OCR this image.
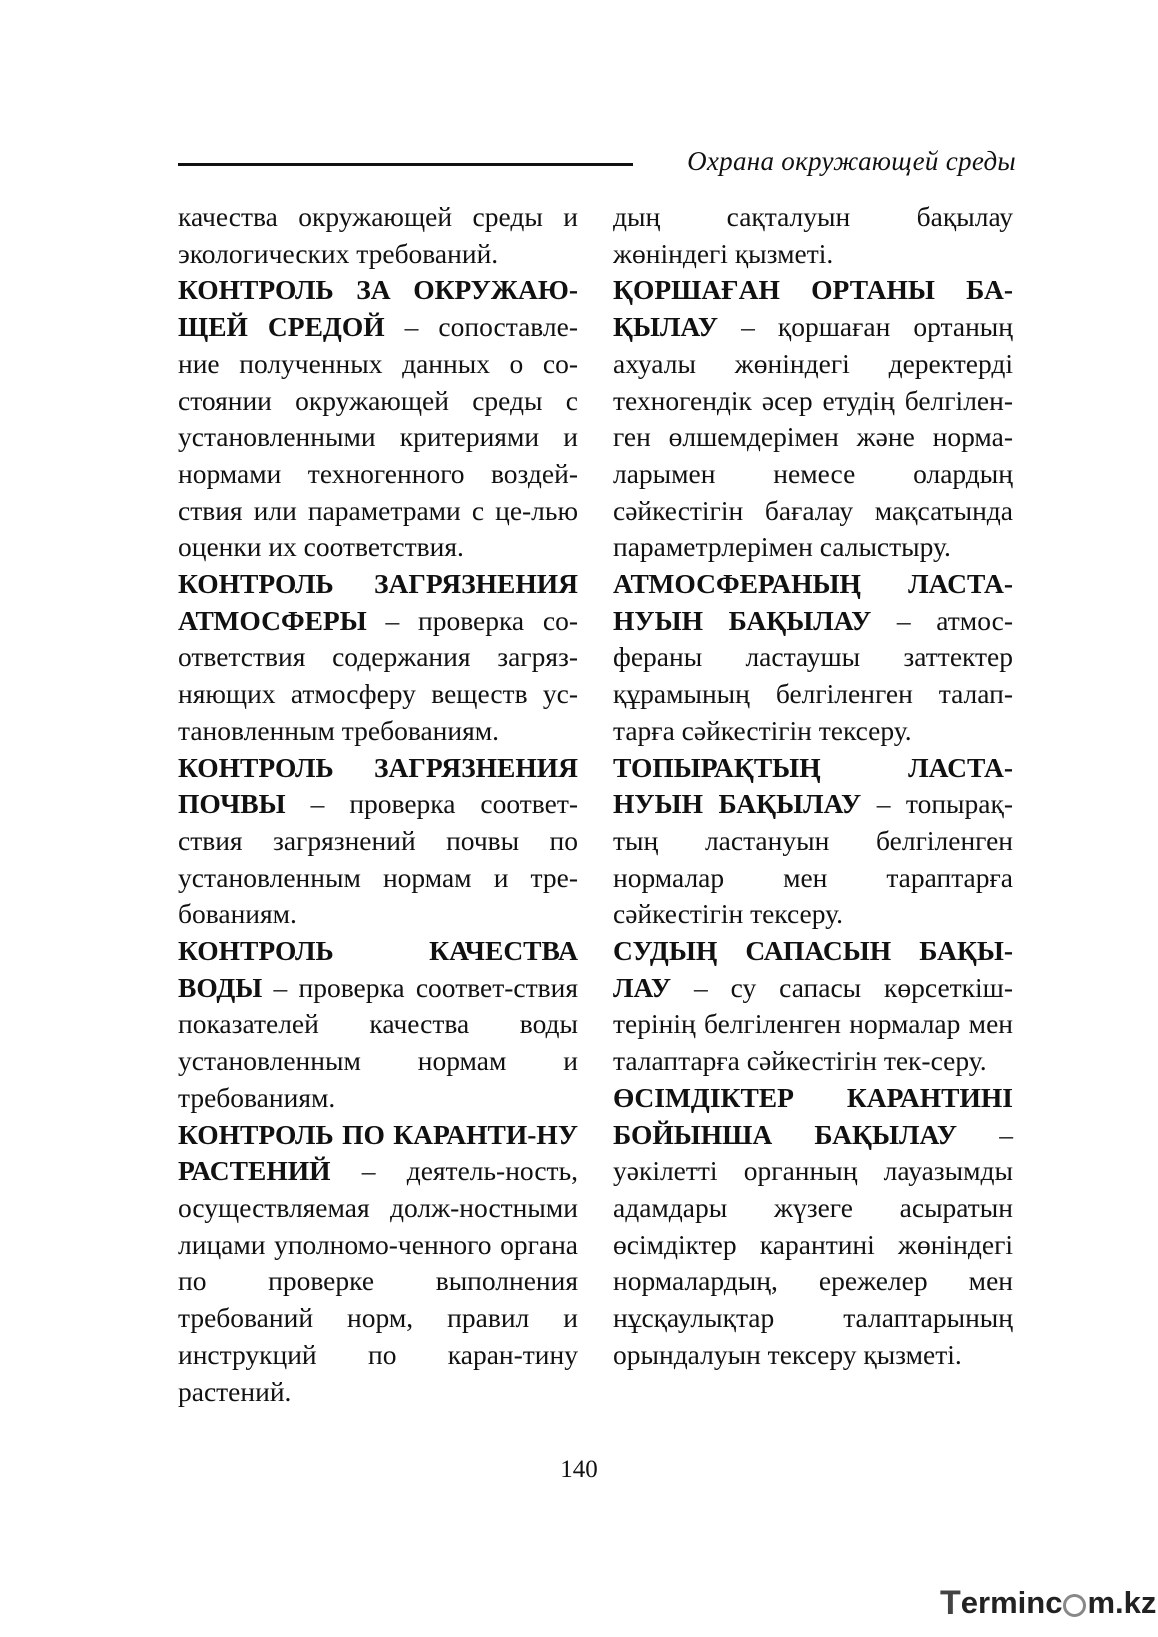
Охрана окружающей среды

качества окружающей среды и экологических требований.

КОНТРОЛЬ ЗА ОКРУЖАЮ-ЩЕЙ СРЕДОЙ – сопоставле-ние полученных данных о со-стоянии окружающей среды с установленными критериями и нормами техногенного воздей-ствия или параметрами с це-лью оценки их соответствия.

КОНТРОЛЬ ЗАГРЯЗНЕНИЯ АТМОСФЕРЫ – проверка со-ответствия содержания загряз-няющих атмосферу веществ ус-тановленным требованиям.

КОНТРОЛЬ ЗАГРЯЗНЕНИЯ ПОЧВЫ – проверка соответ-ствия загрязнений почвы по установленным нормам и тре-бованиям.

КОНТРОЛЬ КАЧЕСТВА ВОДЫ – проверка соответ-ствия показателей качества воды установленным нормам и требованиям.

КОНТРОЛЬ ПО КАРАНТИ-НУ РАСТЕНИЙ – деятель-ность, осуществляемая долж-ностными лицами уполномо-ченного органа по проверке выполнения требований норм, правил и инструкций по каран-тину растений.

дың сақталуын бақылау жөніндегі қызметі.

ҚОРШАҒАН ОРТАНЫ БА-ҚЫЛАУ – қоршаған ортаның ахуалы жөніндегі деректерді техногендік әсер етудің белгілен-ген өлшемдерімен және норма-ларымен немесе олардың сәйкестігін бағалау мақсатында параметрлерімен салыстыру.

АТМОСФЕРАНЫҢ ЛАСТА-НУЫН БАҚЫЛАУ – атмос-фераны ластаушы заттектер құрамының белгіленген талап-тарға сәйкестігін тексеру.

ТОПЫРАҚТЫҢ ЛАСТА-НУЫН БАҚЫЛАУ – топырақ-тың ластануын белгіленген нормалар мен тараптарға сәйкестігін тексеру.

СУДЫҢ САПАСЫН БАҚЫ-ЛАУ – су сапасы көрсеткіш-терінің белгіленген нормалар мен талаптарға сәйкестігін тек-серу.

ӨСІМДІКТЕР КАРАНТИНІ БОЙЫНША БАҚЫЛАУ – уәкілетті органның лауазымды адамдары жүзеге асыратын өсімдіктер карантині жөніндегі нормалардың, ережелер мен нұсқаулықтар талаптарының орындалуын тексеру қызметі.

140
T erminc m.kz
